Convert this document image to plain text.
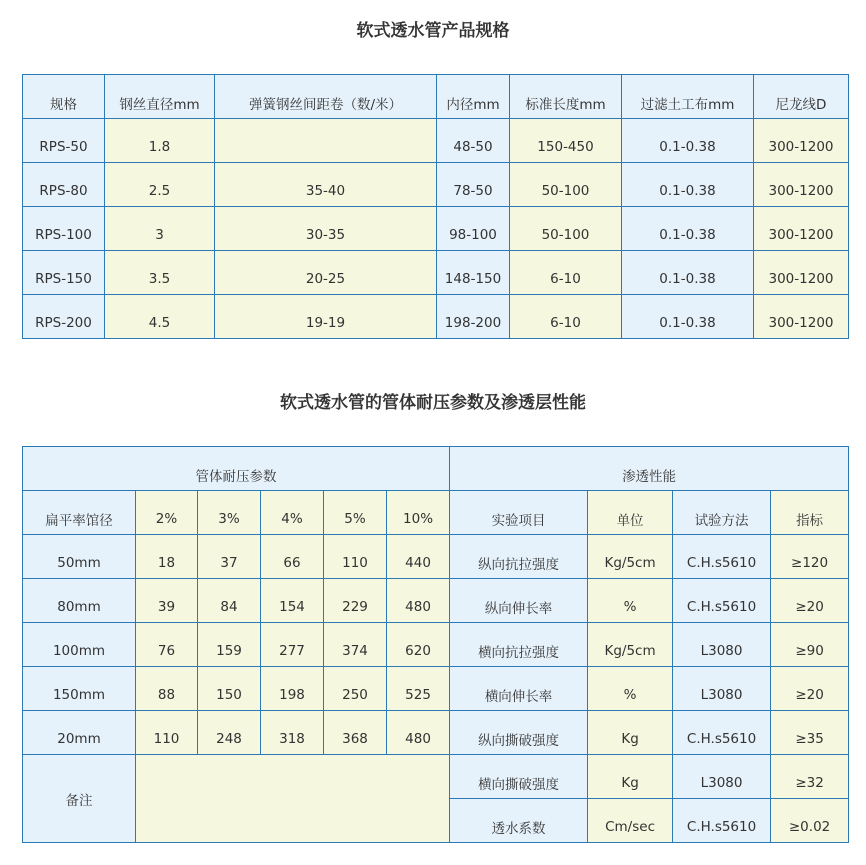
软式透水管产品规格
规格	钢丝直径mm	弹簧钢丝间距卷（数/米）	内径mm	标准长度mm	过滤土工布mm	尼龙线D
RPS-50	1.8		48-50	150-450	0.1-0.38	300-1200
RPS-80	2.5	35-40	78-50	50-100	0.1-0.38	300-1200
RPS-100	3	30-35	98-100	50-100	0.1-0.38	300-1200
RPS-150	3.5	20-25	148-150	6-10	0.1-0.38	300-1200
RPS-200	4.5	19-19	198-200	6-10	0.1-0.38	300-1200
软式透水管的管体耐压参数及渗透层性能
管体耐压参数						渗透性能			
扁平率馆径	2%	3%	4%	5%	10%	实验项目	单位	试验方法	指标
50mm	18	37	66	110	440	纵向抗拉强度	Kg/5cm	C.H.s5610	≥120
80mm	39	84	154	229	480	纵向伸长率	%	C.H.s5610	≥20
100mm	76	159	277	374	620	横向抗拉强度	Kg/5cm	L3080	≥90
150mm	88	150	198	250	525	横向伸长率	%	L3080	≥20
20mm	110	248	318	368	480	纵向撕破强度	Kg	C.H.s5610	≥35
备注						横向撕破强度	Kg	L3080	≥32
						透水系数	Cm/sec	C.H.s5610	≥0.02
